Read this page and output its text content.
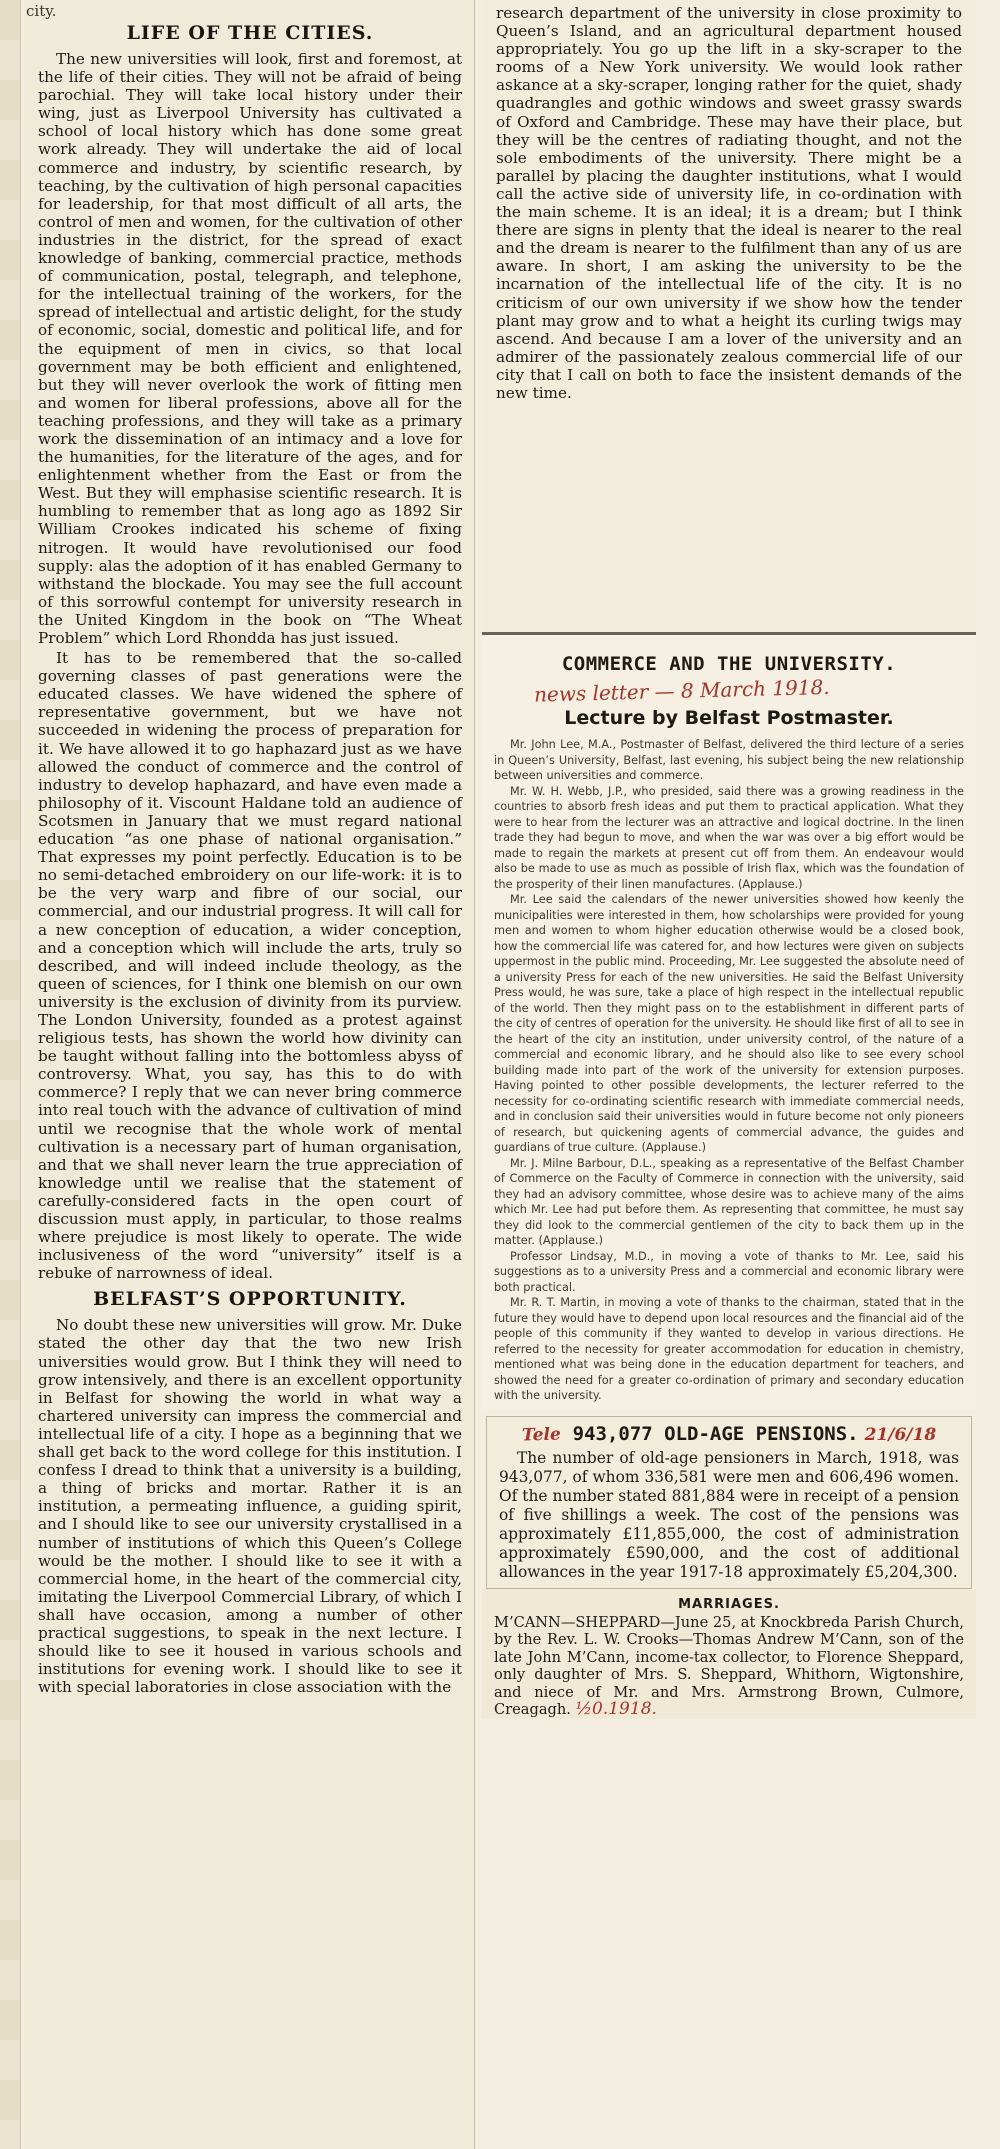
city.
LIFE OF THE CITIES.

The new universities will look, first and foremost, at the life of their cities. They will not be afraid of being parochial. They will take local history under their wing, just as Liverpool University has cultivated a school of local history which has done some great work already. They will undertake the aid of local commerce and industry, by scientific research, by teaching, by the cultivation of high personal capacities for leadership, for that most difficult of all arts, the control of men and women, for the cultivation of other industries in the district, for the spread of exact knowledge of banking, commercial practice, methods of communication, postal, telegraph, and telephone, for the intellectual training of the workers, for the spread of intellectual and artistic delight, for the study of economic, social, domestic and political life, and for the equipment of men in civics, so that local government may be both efficient and enlightened, but they will never overlook the work of fitting men and women for liberal professions, above all for the teaching professions, and they will take as a primary work the dissemination of an intimacy and a love for the humanities, for the literature of the ages, and for enlightenment whether from the East or from the West. But they will emphasise scientific research. It is humbling to remember that as long ago as 1892 Sir William Crookes indicated his scheme of fixing nitrogen. It would have revolutionised our food supply: alas the adoption of it has enabled Germany to withstand the blockade. You may see the full account of this sorrowful contempt for university research in the United Kingdom in the book on “The Wheat Problem” which Lord Rhondda has just issued.

It has to be remembered that the so-called governing classes of past generations were the educated classes. We have widened the sphere of representative government, but we have not succeeded in widening the process of preparation for it. We have allowed it to go haphazard just as we have allowed the conduct of commerce and the control of industry to develop haphazard, and have even made a philosophy of it. Viscount Haldane told an audience of Scotsmen in January that we must regard national education “as one phase of national organisation.” That expresses my point perfectly. Education is to be no semi-detached embroidery on our life-work: it is to be the very warp and fibre of our social, our commercial, and our industrial progress. It will call for a new conception of education, a wider conception, and a conception which will include the arts, truly so described, and will indeed include theology, as the queen of sciences, for I think one blemish on our own university is the exclusion of divinity from its purview. The London University, founded as a protest against religious tests, has shown the world how divinity can be taught without falling into the bottomless abyss of controversy. What, you say, has this to do with commerce? I reply that we can never bring commerce into real touch with the advance of cultivation of mind until we recognise that the whole work of mental cultivation is a necessary part of human organisation, and that we shall never learn the true appreciation of knowledge until we realise that the statement of carefully-considered facts in the open court of discussion must apply, in particular, to those realms where prejudice is most likely to operate. The wide inclusiveness of the word “university” itself is a rebuke of narrowness of ideal.

BELFAST’S OPPORTUNITY.

No doubt these new universities will grow. Mr. Duke stated the other day that the two new Irish universities would grow. But I think they will need to grow intensively, and there is an excellent opportunity in Belfast for showing the world in what way a chartered university can impress the commercial and intellectual life of a city. I hope as a beginning that we shall get back to the word college for this institution. I confess I dread to think that a university is a building, a thing of bricks and mortar. Rather it is an institution, a permeating influence, a guiding spirit, and I should like to see our university crystallised in a number of institutions of which this Queen’s College would be the mother. I should like to see it with a commercial home, in the heart of the commercial city, imitating the Liverpool Commercial Library, of which I shall have occasion, among a number of other practical suggestions, to speak in the next lecture. I should like to see it housed in various schools and institutions for evening work. I should like to see it with special laboratories in close association with the

research department of the university in close proximity to Queen’s Island, and an agricultural department housed appropriately. You go up the lift in a sky-scraper to the rooms of a New York university. We would look rather askance at a sky-scraper, longing rather for the quiet, shady quadrangles and gothic windows and sweet grassy swards of Oxford and Cambridge. These may have their place, but they will be the centres of radiating thought, and not the sole embodiments of the university. There might be a parallel by placing the daughter institutions, what I would call the active side of university life, in co-ordination with the main scheme. It is an ideal; it is a dream; but I think there are signs in plenty that the ideal is nearer to the real and the dream is nearer to the fulfilment than any of us are aware. In short, I am asking the university to be the incarnation of the intellectual life of the city. It is no criticism of our own university if we show how the tender plant may grow and to what a height its curling twigs may ascend. And because I am a lover of the university and an admirer of the passionately zealous commercial life of our city that I call on both to face the insistent demands of the new time.

COMMERCE AND THE UNIVERSITY.
news letter — 8 March 1918.
Lecture by Belfast Postmaster.

Mr. John Lee, M.A., Postmaster of Belfast, delivered the third lecture of a series in Queen’s University, Belfast, last evening, his subject being the new relationship between universities and commerce.

Mr. W. H. Webb, J.P., who presided, said there was a growing readiness in the countries to absorb fresh ideas and put them to practical application. What they were to hear from the lecturer was an attractive and logical doctrine. In the linen trade they had begun to move, and when the war was over a big effort would be made to regain the markets at present cut off from them. An endeavour would also be made to use as much as possible of Irish flax, which was the foundation of the prosperity of their linen manufactures. (Applause.)

Mr. Lee said the calendars of the newer universities showed how keenly the municipalities were interested in them, how scholarships were provided for young men and women to whom higher education otherwise would be a closed book, how the commercial life was catered for, and how lectures were given on subjects uppermost in the public mind. Proceeding, Mr. Lee suggested the absolute need of a university Press for each of the new universities. He said the Belfast University Press would, he was sure, take a place of high respect in the intellectual republic of the world. Then they might pass on to the establishment in different parts of the city of centres of operation for the university. He should like first of all to see in the heart of the city an institution, under university control, of the nature of a commercial and economic library, and he should also like to see every school building made into part of the work of the university for extension purposes. Having pointed to other possible developments, the lecturer referred to the necessity for co-ordinating scientific research with immediate commercial needs, and in conclusion said their universities would in future become not only pioneers of research, but quickening agents of commercial advance, the guides and guardians of true culture. (Applause.)

Mr. J. Milne Barbour, D.L., speaking as a representative of the Belfast Chamber of Commerce on the Faculty of Commerce in connection with the university, said they had an advisory committee, whose desire was to achieve many of the aims which Mr. Lee had put before them. As representing that committee, he must say they did look to the commercial gentlemen of the city to back them up in the matter. (Applause.)

Professor Lindsay, M.D., in moving a vote of thanks to Mr. Lee, said his suggestions as to a university Press and a commercial and economic library were both practical.

Mr. R. T. Martin, in moving a vote of thanks to the chairman, stated that in the future they would have to depend upon local resources and the financial aid of the people of this community if they wanted to develop in various directions. He referred to the necessity for greater accommodation for education in chemistry, mentioned what was being done in the education department for teachers, and showed the need for a greater co-ordination of primary and secondary education with the university.

Tele 943,077 OLD-AGE PENSIONS. 21/6/18

The number of old-age pensioners in March, 1918, was 943,077, of whom 336,581 were men and 606,496 women. Of the number stated 881,884 were in receipt of a pension of five shillings a week. The cost of the pensions was approximately £11,855,000, the cost of administration approximately £590,000, and the cost of additional allowances in the year 1917-18 approximately £5,204,300.

MARRIAGES.

M’CANN—SHEPPARD—June 25, at Knockbreda Parish Church, by the Rev. L. W. Crooks—Thomas Andrew M’Cann, son of the late John M’Cann, income-tax collector, to Florence Sheppard, only daughter of Mrs. S. Sheppard, Whithorn, Wigtonshire, and niece of Mr. and Mrs. Armstrong Brown, Culmore, Creagagh. ½0.1918.
